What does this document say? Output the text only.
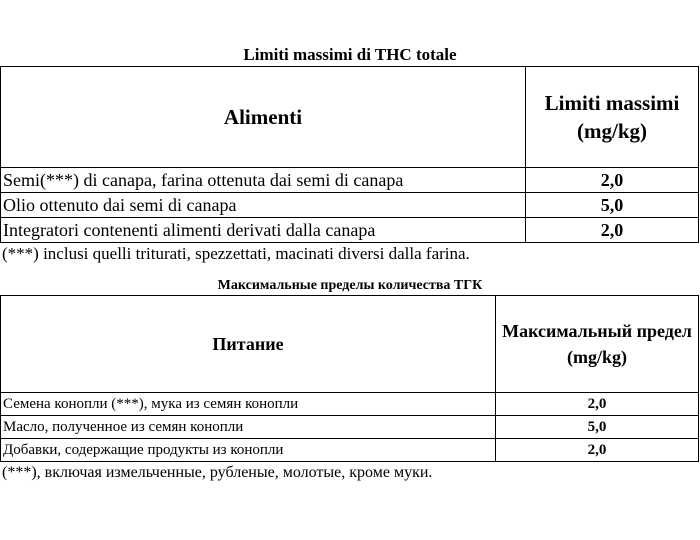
Limiti massimi di THC totale

Alimenti	Limiti massimi (mg/kg)
Semi(***) di canapa, farina ottenuta dai semi di canapa	2,0
Olio ottenuto dai semi di canapa	5,0
Integratori contenenti alimenti derivati dalla canapa	2,0

(***) inclusi quelli triturati, spezzettati, macinati diversi dalla farina.

Максимальные пределы количества ТГК

Питание	Максимальный предел (mg/kg)
Семена конопли (***), мука из семян конопли	2,0
Масло, полученное из семян конопли	5,0
Добавки, содержащие продукты из конопли	2,0

(***), включая измельченные, рубленые, молотые, кроме муки.
